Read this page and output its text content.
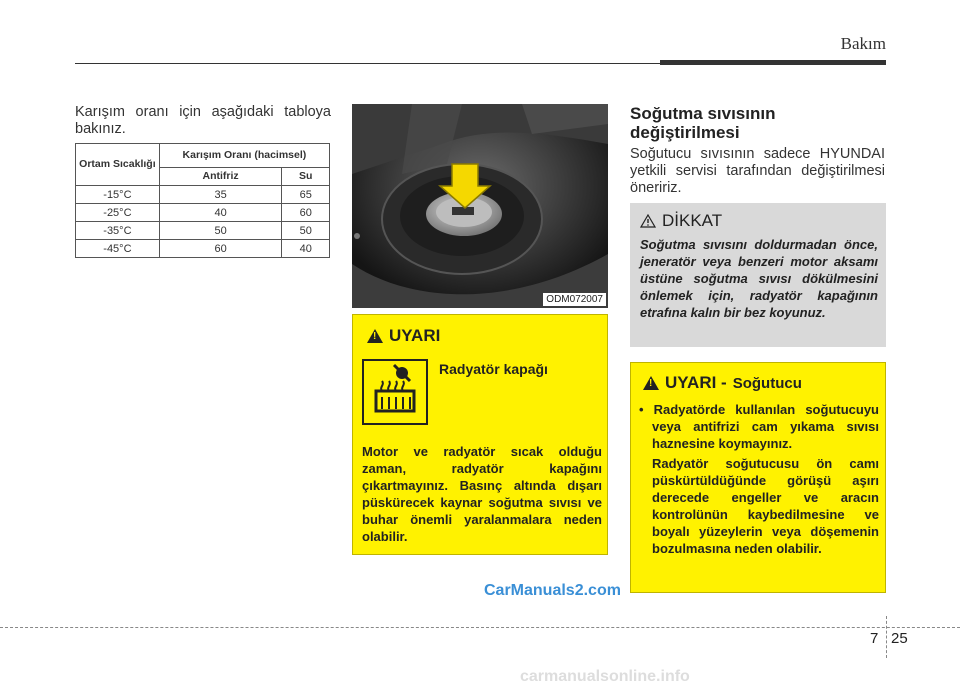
Bakım

Karışım oranı için aşağıdaki tabloya bakınız.

Ortam Sıcaklığı	Karışım Oranı (hacimsel)	
	Antifriz	Su
-15°C	35	65
-25°C	40	60
-35°C	50	50
-45°C	60	40
ODM072007
!
UYARI
Radyatör kapağı

Motor ve radyatör sıcak olduğu zaman, radyatör kapağını çıkartmayınız. Basınç altında dışarı püskürecek kaynar soğutma sıvısı ve buhar önemli yaralanmalara neden olabilir.

Soğutma sıvısının değiştirilmesi

Soğutucu sıvısının sadece HYUNDAI yetkili servisi tarafından değiştirilmesi öneririz.

DİKKAT

Soğutma sıvısını doldurmadan önce, jeneratör veya benzeri motor aksamı üstüne soğutma sıvısı dökülmesini önlemek için, radyatör kapağının etrafına kalın bir bez koyunuz.

!
UYARI - Soğutucu

• Radyatörde kullanılan soğutucuyu veya antifrizi cam yıkama sıvısı haznesine koymayınız.

Radyatör soğutucusu ön camı püskürtüldüğünde görüşü aşırı derecede engeller ve aracın kontrolünün kaybedilmesine ve boyalı yüzeylerin veya döşemenin bozulmasına neden olabilir.

CarManuals2.com
7 25
carmanualsonline.info
